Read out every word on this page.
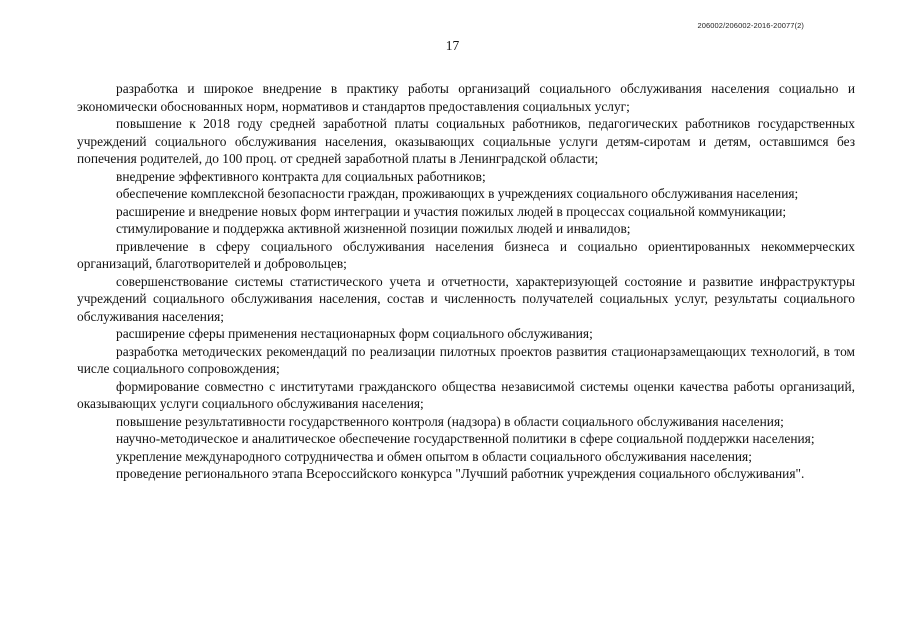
206002/206002-2016-20077(2)
17

разработка и широкое внедрение в практику работы организаций социального обслуживания населения социально и экономически обоснованных норм, нормативов и стандартов предоставления социальных услуг;

повышение к 2018 году средней заработной платы социальных работников, педагогических работников государственных учреждений социального обслуживания населения, оказывающих социальные услуги детям-сиротам и детям, оставшимся без попечения родителей, до 100 проц. от средней заработной платы в Ленинградской области;

внедрение эффективного контракта для социальных работников;

обеспечение комплексной безопасности граждан, проживающих в учреждениях социального обслуживания населения;

расширение и внедрение новых форм интеграции и участия пожилых людей в процессах социальной коммуникации;

стимулирование и поддержка активной жизненной позиции пожилых людей и инвалидов;

привлечение в сферу социального обслуживания населения бизнеса и социально ориентированных некоммерческих организаций, благотворителей и добровольцев;

совершенствование системы статистического учета и отчетности, характеризующей состояние и развитие инфраструктуры учреждений социального обслуживания населения, состав и численность получателей социальных услуг, результаты социального обслуживания населения;

расширение сферы применения нестационарных форм социального обслуживания;

разработка методических рекомендаций по реализации пилотных проектов развития стационарзамещающих технологий, в том числе социального сопровождения;

формирование совместно с институтами гражданского общества независимой системы оценки качества работы организаций, оказывающих услуги социального обслуживания населения;

повышение результативности государственного контроля (надзора) в области социального обслуживания населения;

научно-методическое и аналитическое обеспечение государственной политики в сфере социальной поддержки населения;

укрепление международного сотрудничества и обмен опытом в области социального обслуживания населения;

проведение регионального этапа Всероссийского конкурса "Лучший работник учреждения социального обслуживания".
